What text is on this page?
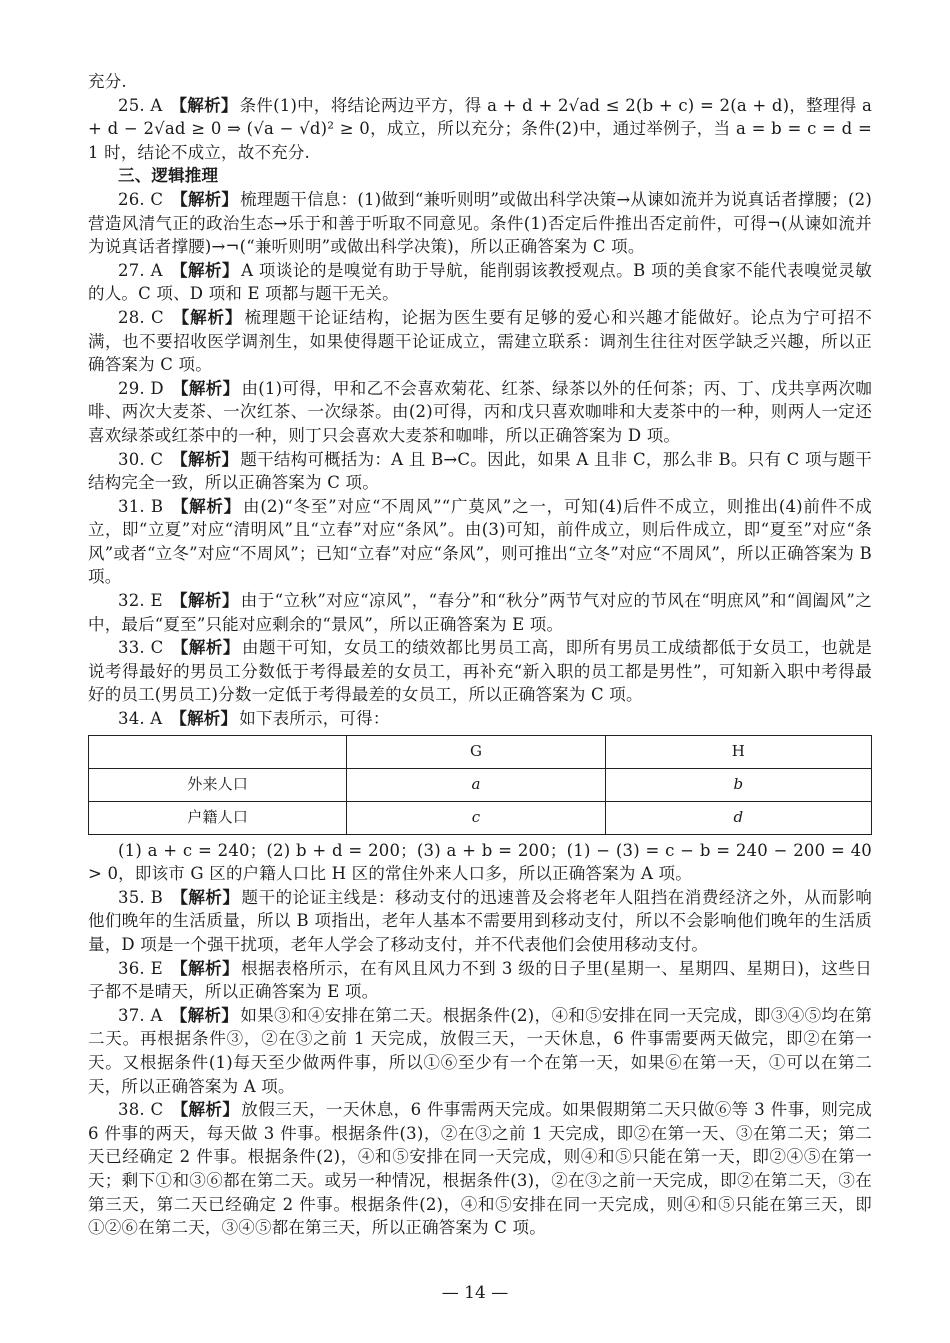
充分.

25. A 【解析】 条件(1)中，将结论两边平方，得 a + d + 2√ad ≤ 2(b + c) = 2(a + d)，整理得 a + d − 2√ad ≥ 0 ⇒ (√a − √d)² ≥ 0，成立，所以充分；条件(2)中，通过举例子，当 a = b = c = d = 1 时，结论不成立，故不充分.

三、逻辑推理

26. C 【解析】 梳理题干信息：(1)做到“兼听则明”或做出科学决策→从谏如流并为说真话者撑腰；(2)营造风清气正的政治生态→乐于和善于听取不同意见。条件(1)否定后件推出否定前件，可得¬(从谏如流并为说真话者撑腰)→¬(“兼听则明”或做出科学决策)，所以正确答案为 C 项。

27. A 【解析】 A 项谈论的是嗅觉有助于导航，能削弱该教授观点。B 项的美食家不能代表嗅觉灵敏的人。C 项、D 项和 E 项都与题干无关。

28. C 【解析】 梳理题干论证结构，论据为医生要有足够的爱心和兴趣才能做好。论点为宁可招不满，也不要招收医学调剂生，如果使得题干论证成立，需建立联系：调剂生往往对医学缺乏兴趣，所以正确答案为 C 项。

29. D 【解析】 由(1)可得，甲和乙不会喜欢菊花、红茶、绿茶以外的任何茶；丙、丁、戊共享两次咖啡、两次大麦茶、一次红茶、一次绿茶。由(2)可得，丙和戊只喜欢咖啡和大麦茶中的一种，则两人一定还喜欢绿茶或红茶中的一种，则丁只会喜欢大麦茶和咖啡，所以正确答案为 D 项。

30. C 【解析】 题干结构可概括为：A 且 B→C。因此，如果 A 且非 C，那么非 B。只有 C 项与题干结构完全一致，所以正确答案为 C 项。

31. B 【解析】 由(2)“冬至”对应“不周风”“广莫风”之一，可知(4)后件不成立，则推出(4)前件不成立，即“立夏”对应“清明风”且“立春”对应“条风”。由(3)可知，前件成立，则后件成立，即“夏至”对应“条风”或者“立冬”对应“不周风”；已知“立春”对应“条风”，则可推出“立冬”对应“不周风”，所以正确答案为 B 项。

32. E 【解析】 由于“立秋”对应“凉风”，“春分”和“秋分”两节气对应的节风在“明庶风”和“阊阖风”之中，最后“夏至”只能对应剩余的“景风”，所以正确答案为 E 项。

33. C 【解析】 由题干可知，女员工的绩效都比男员工高，即所有男员工成绩都低于女员工，也就是说考得最好的男员工分数低于考得最差的女员工，再补充“新入职的员工都是男性”，可知新入职中考得最好的员工(男员工)分数一定低于考得最差的女员工，所以正确答案为 C 项。

34. A 【解析】 如下表所示，可得：

	G	H
外来人口	a	b
户籍人口	c	d

(1) a + c = 240；(2) b + d = 200；(3) a + b = 200；(1) − (3) = c − b = 240 − 200 = 40 > 0，即该市 G 区的户籍人口比 H 区的常住外来人口多，所以正确答案为 A 项。

35. B 【解析】 题干的论证主线是：移动支付的迅速普及会将老年人阻挡在消费经济之外，从而影响他们晚年的生活质量，所以 B 项指出，老年人基本不需要用到移动支付，所以不会影响他们晚年的生活质量，D 项是一个强干扰项，老年人学会了移动支付，并不代表他们会使用移动支付。

36. E 【解析】 根据表格所示，在有风且风力不到 3 级的日子里(星期一、星期四、星期日)，这些日子都不是晴天，所以正确答案为 E 项。

37. A 【解析】 如果③和④安排在第二天。根据条件(2)，④和⑤安排在同一天完成，即③④⑤均在第二天。再根据条件③，②在③之前 1 天完成，放假三天，一天休息，6 件事需要两天做完，即②在第一天。又根据条件(1)每天至少做两件事，所以①⑥至少有一个在第一天，如果⑥在第一天，①可以在第二天，所以正确答案为 A 项。

38. C 【解析】 放假三天，一天休息，6 件事需两天完成。如果假期第二天只做⑥等 3 件事，则完成 6 件事的两天，每天做 3 件事。根据条件(3)，②在③之前 1 天完成，即②在第一天、③在第二天；第二天已经确定 2 件事。根据条件(2)，④和⑤安排在同一天完成，则④和⑤只能在第一天，即②④⑤在第一天；剩下①和③⑥都在第二天。或另一种情况，根据条件(3)，②在③之前一天完成，即②在第二天，③在第三天，第二天已经确定 2 件事。根据条件(2)，④和⑤安排在同一天完成，则④和⑤只能在第三天，即①②⑥在第二天，③④⑤都在第三天，所以正确答案为 C 项。

— 14 —
